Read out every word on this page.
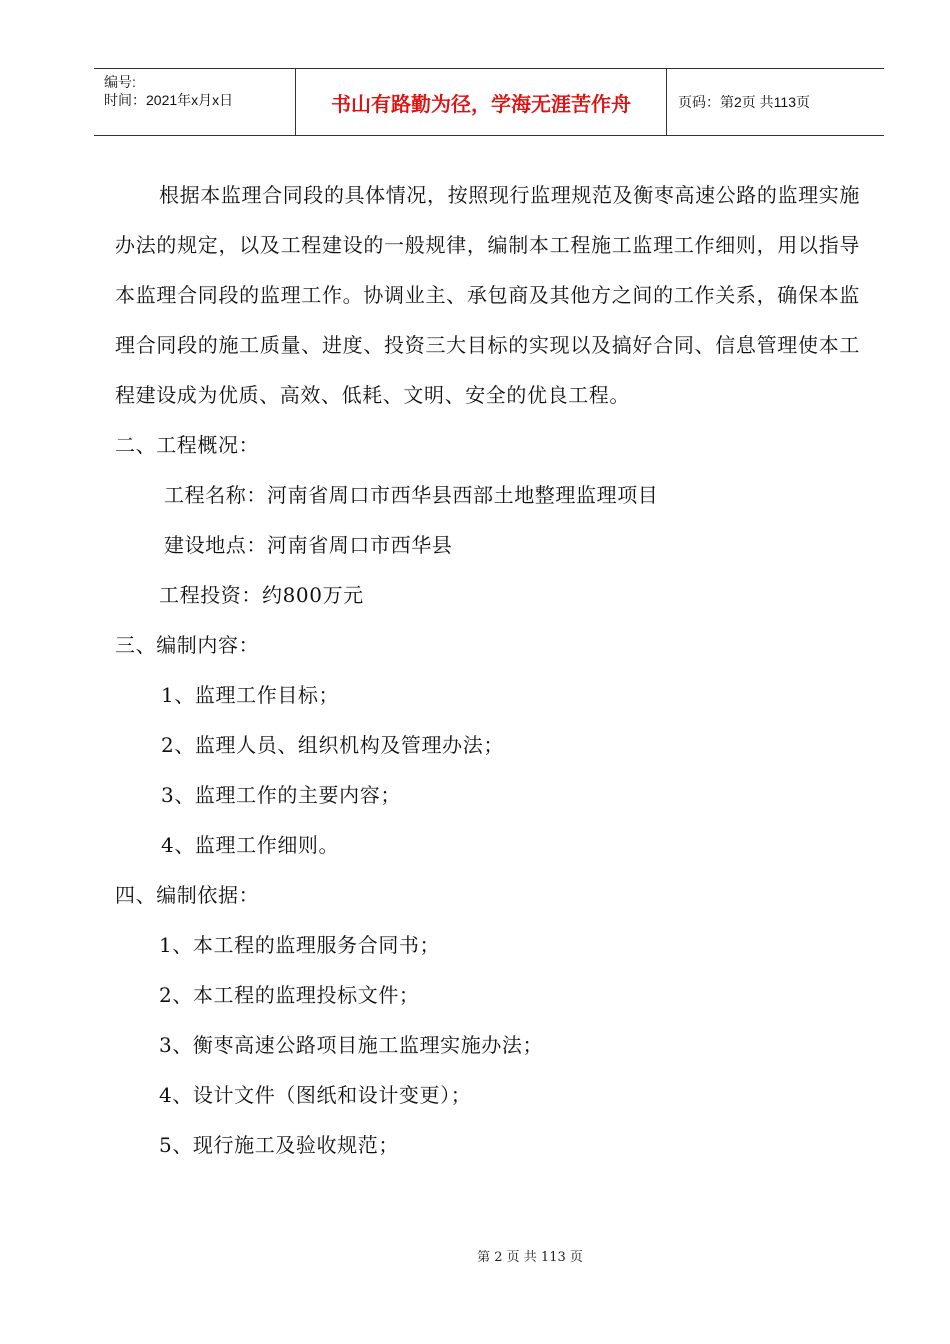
编号:
时间：2021年x月x日	书山有路勤为径，学海无涯苦作舟	页码：第2页 共113页

根据本监理合同段的具体情况，按照现行监理规范及衡枣高速公路的监理实施办法的规定，以及工程建设的一般规律，编制本工程施工监理工作细则，用以指导本监理合同段的监理工作。协调业主、承包商及其他方之间的工作关系，确保本监理合同段的施工质量、进度、投资三大目标的实现以及搞好合同、信息管理使本工程建设成为优质、高效、低耗、文明、安全的优良工程。

二、工程概况：

工程名称：河南省周口市西华县西部土地整理监理项目

建设地点：河南省周口市西华县

工程投资：约800万元

三、编制内容：

1、监理工作目标；

2、监理人员、组织机构及管理办法；

3、监理工作的主要内容；

4、监理工作细则。

四、编制依据：

1、本工程的监理服务合同书；

2、本工程的监理投标文件；

3、衡枣高速公路项目施工监理实施办法；

4、设计文件（图纸和设计变更）；

5、现行施工及验收规范；

第 2 页 共 113 页
